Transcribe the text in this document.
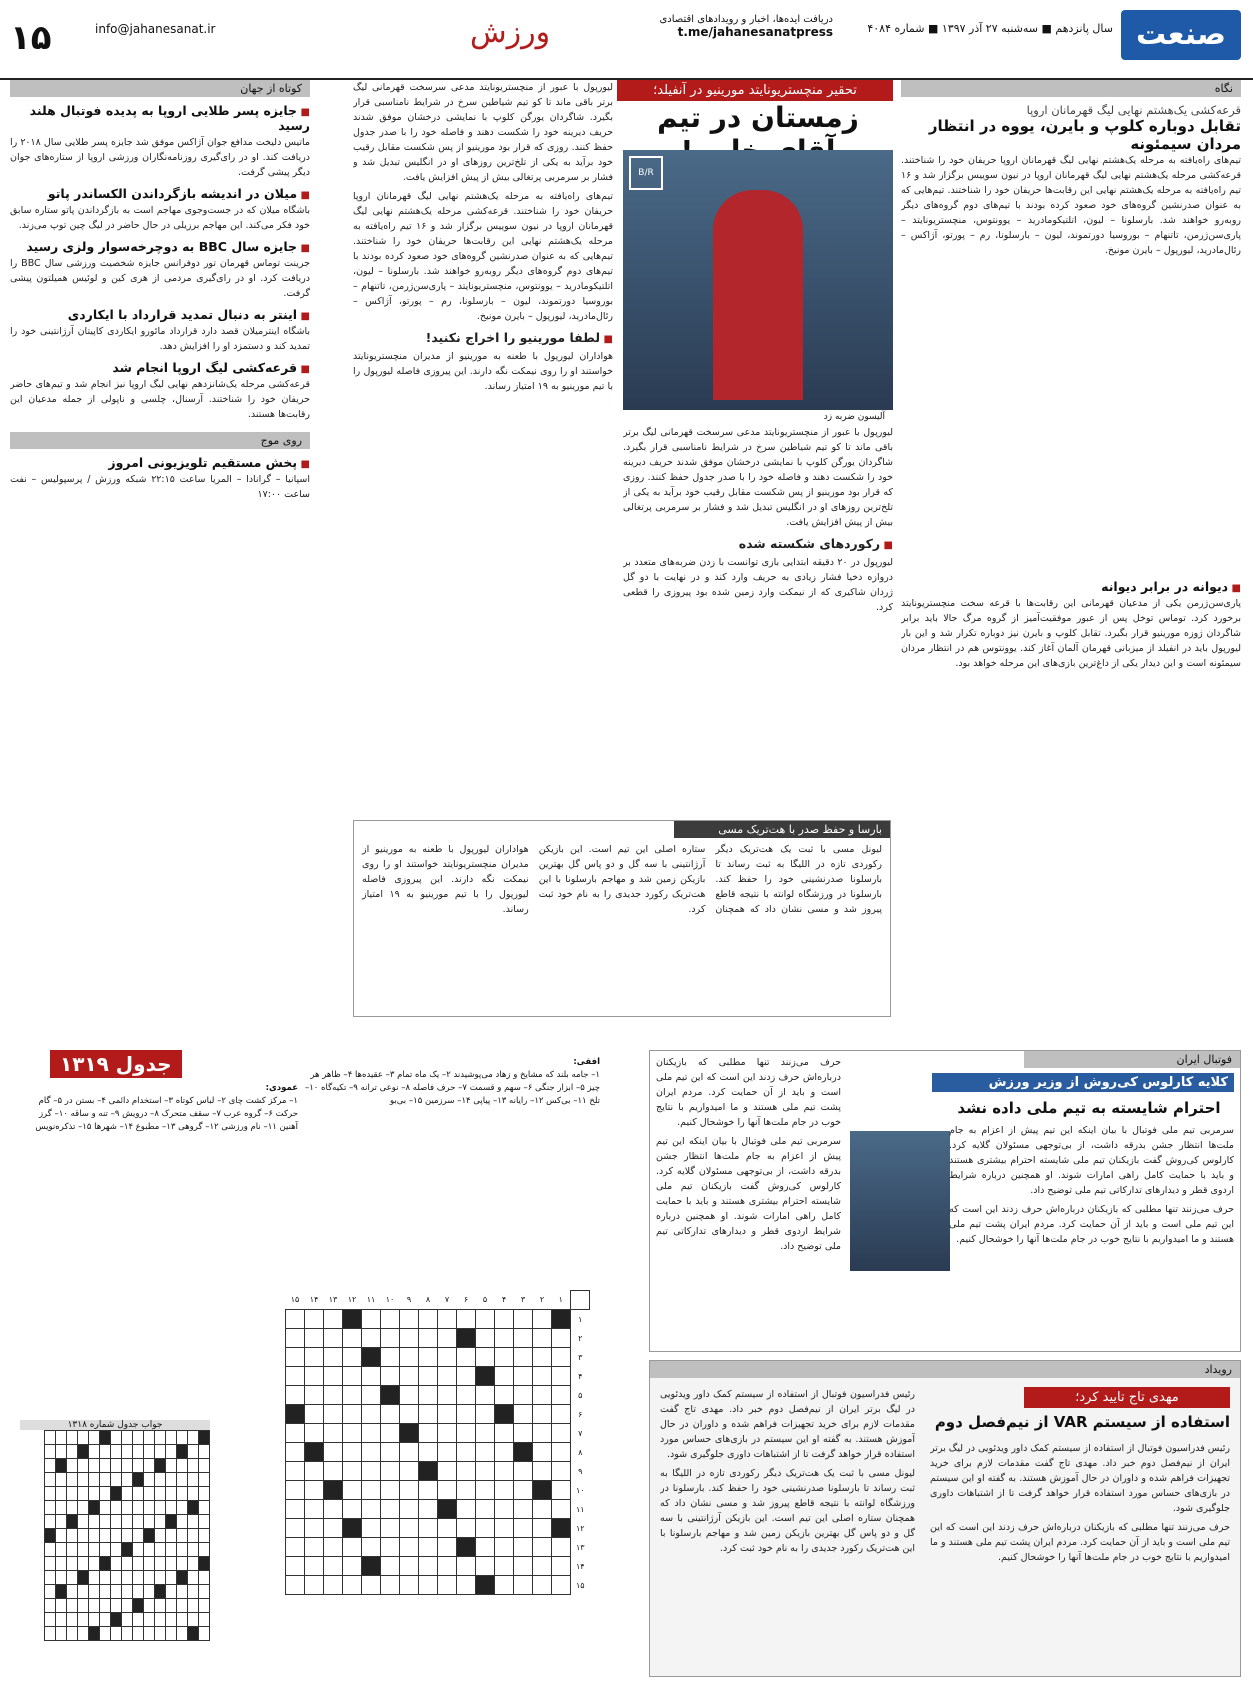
صنعت
سال پانزدهم ■ سه‌شنبه ۲۷ آذر ۱۳۹۷ ■ شماره ۴۰۸۴
دریافت ایده‌ها، اخبار و رویدادهای اقتصادی
t.me/jahanesanatpress
ورزش
info@jahanesanat.ir
۱۵
نگاه
قرعه‌کشی یک‌هشتم نهایی لیگ قهرمانان اروپا
تقابل دوباره کلوپ و بایرن، یووه در انتظار مردان سیمئونه

تیم‌های راه‌یافته به مرحله یک‌هشتم نهایی لیگ قهرمانان اروپا حریفان خود را شناختند. قرعه‌کشی مرحله یک‌هشتم نهایی لیگ قهرمانان اروپا در نیون سوییس برگزار شد و ۱۶ تیم راه‌یافته به مرحله یک‌هشتم نهایی این رقابت‌ها حریفان خود را شناختند. تیم‌هایی که به عنوان صدرنشین گروه‌های خود صعود کرده بودند با تیم‌های دوم گروه‌های دیگر روبه‌رو خواهند شد. بارسلونا – لیون، اتلتیکومادرید – یوونتوس، منچستریونایتد – پاری‌سن‌ژرمن، تاتنهام – بوروسیا دورتموند، لیون – بارسلونا، رم – پورتو، آژاکس – رئال‌مادرید، لیورپول – بایرن مونیخ.

■ دیوانه در برابر دیوانه

پاری‌سن‌ژرمن یکی از مدعیان قهرمانی این رقابت‌ها با قرعه سخت منچستریونایتد برخورد کرد. توماس توخل پس از عبور موفقیت‌آمیز از گروه مرگ حالا باید برابر شاگردان ژوزه مورینیو قرار بگیرد. تقابل کلوپ و بایرن نیز دوباره تکرار شد و این بار لیورپول باید در انفیلد از میزبانی قهرمان آلمان آغاز کند. یوونتوس هم در انتظار مردان سیمئونه است و این دیدار یکی از داغ‌ترین بازی‌های این مرحله خواهد بود.

تحقیر منچستریونایتد مورینیو در آنفیلد؛
زمستان در تیم
B/R
آلیسون ضربه زد

لیورپول با عبور از منچستریونایتد مدعی سرسخت قهرمانی لیگ برتر باقی ماند تا کو تیم شیاطین سرخ در شرایط نامناسبی قرار بگیرد. شاگردان یورگن کلوپ با نمایشی درخشان موفق شدند حریف دیرینه خود را شکست دهند و فاصله خود را با صدر جدول حفظ کنند. روزی که قرار بود مورینیو از پس شکست مقابل رقیب خود برآید به یکی از تلخ‌ترین روزهای او در انگلیس تبدیل شد و فشار بر سرمربی پرتغالی بیش از پیش افزایش یافت.

■ رکوردهای شکسته شده

لیورپول در ۲۰ دقیقه ابتدایی بازی توانست با زدن ضربه‌های متعدد بر دروازه دخیا فشار زیادی به حریف وارد کند و در نهایت با دو گل ژردان شاکیری که از نیمکت وارد زمین شده بود پیروزی را قطعی کرد.

لیورپول با عبور از منچستریونایتد مدعی سرسخت قهرمانی لیگ برتر باقی ماند تا کو تیم شیاطین سرخ در شرایط نامناسبی قرار بگیرد. شاگردان یورگن کلوپ با نمایشی درخشان موفق شدند حریف دیرینه خود را شکست دهند و فاصله خود را با صدر جدول حفظ کنند. روزی که قرار بود مورینیو از پس شکست مقابل رقیب خود برآید به یکی از تلخ‌ترین روزهای او در انگلیس تبدیل شد و فشار بر سرمربی پرتغالی بیش از پیش افزایش یافت.

تیم‌های راه‌یافته به مرحله یک‌هشتم نهایی لیگ قهرمانان اروپا حریفان خود را شناختند. قرعه‌کشی مرحله یک‌هشتم نهایی لیگ قهرمانان اروپا در نیون سوییس برگزار شد و ۱۶ تیم راه‌یافته به مرحله یک‌هشتم نهایی این رقابت‌ها حریفان خود را شناختند. تیم‌هایی که به عنوان صدرنشین گروه‌های خود صعود کرده بودند با تیم‌های دوم گروه‌های دیگر روبه‌رو خواهند شد. بارسلونا – لیون، اتلتیکومادرید – یوونتوس، منچستریونایتد – پاری‌سن‌ژرمن، تاتنهام – بوروسیا دورتموند، لیون – بارسلونا، رم – پورتو، آژاکس – رئال‌مادرید، لیورپول – بایرن مونیخ.

■ لطفا مورینیو را اخراج نکنید!

هواداران لیورپول با طعنه به مورینیو از مدیران منچستریونایتد خواستند او را روی نیمکت نگه دارند. این پیروزی فاصله لیورپول را با تیم مورینیو به ۱۹ امتیاز رساند.

بارسا و حفظ صدر با هت‌تریک مسی

لیونل مسی با ثبت یک هت‌تریک دیگر رکوردی تازه در اللیگا به ثبت رساند تا بارسلونا صدرنشینی خود را حفظ کند. بارسلونا در ورزشگاه لوانته با نتیجه قاطع پیروز شد و مسی نشان داد که همچنان ستاره اصلی این تیم است. این بازیکن آرژانتینی با سه گل و دو پاس گل بهترین بازیکن زمین شد و مهاجم بارسلونا با این هت‌تریک رکورد جدیدی را به نام خود ثبت کرد.

هواداران لیورپول با طعنه به مورینیو از مدیران منچستریونایتد خواستند او را روی نیمکت نگه دارند. این پیروزی فاصله لیورپول را با تیم مورینیو به ۱۹ امتیاز رساند.

کوتاه از جهان
■ جایزه پسر طلایی اروپا به پدیده فوتبال هلند رسید
ماتیس دلیخت مدافع جوان آژاکس موفق شد جایزه پسر طلایی سال ۲۰۱۸ را دریافت کند. او در رای‌گیری روزنامه‌نگاران ورزشی اروپا از ستاره‌های جوان دیگر پیشی گرفت.
■ میلان در اندیشه بازگرداندن الکساندر پاتو
باشگاه میلان که در جست‌وجوی مهاجم است به بازگرداندن پاتو ستاره سابق خود فکر می‌کند. این مهاجم برزیلی در حال حاضر در لیگ چین توپ می‌زند.
■ جایزه سال BBC به دوچرخه‌سوار ولزی رسید
جرینت توماس قهرمان تور دوفرانس جایزه شخصیت ورزشی سال BBC را دریافت کرد. او در رای‌گیری مردمی از هری کین و لوئیس همیلتون پیشی گرفت.
■ اینتر به دنبال تمدید قرارداد با ایکاردی
باشگاه اینترمیلان قصد دارد قرارداد مائورو ایکاردی کاپیتان آرژانتینی خود را تمدید کند و دستمزد او را افزایش دهد.
■ قرعه‌کشی لیگ اروپا انجام شد
قرعه‌کشی مرحله یک‌شانزدهم نهایی لیگ اروپا نیز انجام شد و تیم‌های حاضر حریفان خود را شناختند. آرسنال، چلسی و ناپولی از جمله مدعیان این رقابت‌ها هستند.
روی موج
■ پخش مستقیم تلویزیونی امروز
اسپانیا – گرانادا – المریا ساعت ۲۲:۱۵ شبکه ورزش / پرسپولیس – نفت ساعت ۱۷:۰۰
فوتبال ایران
کلایه کارلوس کی‌روش از وزیر ورزش
احترام شایسته به تیم ملی داده نشد

سرمربی تیم ملی فوتبال با بیان اینکه این تیم پیش از اعزام به جام ملت‌ها انتظار جشن بدرقه داشت، از بی‌توجهی مسئولان گلایه کرد. کارلوس کی‌روش گفت بازیکنان تیم ملی شایسته احترام بیشتری هستند و باید با حمایت کامل راهی امارات شوند. او همچنین درباره شرایط اردوی قطر و دیدارهای تدارکاتی تیم ملی توضیح داد.

حرف می‌زنند تنها مطلبی که بازیکنان درباره‌اش حرف زدند این است که این تیم ملی است و باید از آن حمایت کرد. مردم ایران پشت تیم ملی هستند و ما امیدواریم با نتایج خوب در جام ملت‌ها آنها را خوشحال کنیم.

حرف می‌زنند تنها مطلبی که بازیکنان درباره‌اش حرف زدند این است که این تیم ملی است و باید از آن حمایت کرد. مردم ایران پشت تیم ملی هستند و ما امیدواریم با نتایج خوب در جام ملت‌ها آنها را خوشحال کنیم.

سرمربی تیم ملی فوتبال با بیان اینکه این تیم پیش از اعزام به جام ملت‌ها انتظار جشن بدرقه داشت، از بی‌توجهی مسئولان گلایه کرد. کارلوس کی‌روش گفت بازیکنان تیم ملی شایسته احترام بیشتری هستند و باید با حمایت کامل راهی امارات شوند. او همچنین درباره شرایط اردوی قطر و دیدارهای تدارکاتی تیم ملی توضیح داد.

رویداد
مهدی تاج تایید کرد؛
استفاده از سیستم VAR از نیم‌فصل دوم

رئیس فدراسیون فوتبال از استفاده از سیستم کمک داور ویدئویی در لیگ برتر ایران از نیم‌فصل دوم خبر داد. مهدی تاج گفت مقدمات لازم برای خرید تجهیزات فراهم شده و داوران در حال آموزش هستند. به گفته او این سیستم در بازی‌های حساس مورد استفاده قرار خواهد گرفت تا از اشتباهات داوری جلوگیری شود.

حرف می‌زنند تنها مطلبی که بازیکنان درباره‌اش حرف زدند این است که این تیم ملی است و باید از آن حمایت کرد. مردم ایران پشت تیم ملی هستند و ما امیدواریم با نتایج خوب در جام ملت‌ها آنها را خوشحال کنیم.

رئیس فدراسیون فوتبال از استفاده از سیستم کمک داور ویدئویی در لیگ برتر ایران از نیم‌فصل دوم خبر داد. مهدی تاج گفت مقدمات لازم برای خرید تجهیزات فراهم شده و داوران در حال آموزش هستند. به گفته او این سیستم در بازی‌های حساس مورد استفاده قرار خواهد گرفت تا از اشتباهات داوری جلوگیری شود.

لیونل مسی با ثبت یک هت‌تریک دیگر رکوردی تازه در اللیگا به ثبت رساند تا بارسلونا صدرنشینی خود را حفظ کند. بارسلونا در ورزشگاه لوانته با نتیجه قاطع پیروز شد و مسی نشان داد که همچنان ستاره اصلی این تیم است. این بازیکن آرژانتینی با سه گل و دو پاس گل بهترین بازیکن زمین شد و مهاجم بارسلونا با این هت‌تریک رکورد جدیدی را به نام خود ثبت کرد.

جدول ۱۳۱۹	افقی:
۱– جامه بلند که مشایخ و زهاد می‌پوشیدند ۲– یک ماه تمام ۳– عقیده‌ها ۴– ظاهر هر چیز ۵– ابزار جنگی ۶– سهم و قسمت ۷– حرف فاصله ۸– نوعی ترانه ۹– تکیه‌گاه ۱۰– تلخ ۱۱– بی‌کس ۱۲– رایانه ۱۳– پیاپی ۱۴– سرزمین ۱۵– بی‌بو
عمودی:
۱– مرکز کشت چای ۲– لباس کوتاه ۳– استخدام دائمی ۴– بستن در ۵– گام حرکت ۶– گروه عرب ۷– سقف متحرک ۸– درویش ۹– تنه و ساقه ۱۰– گرز آهنین ۱۱– نام ورزشی ۱۲– گروهی ۱۳– مطبوع ۱۴– شهرها ۱۵– تذکره‌نویس
	۱	۲	۳	۴	۵	۶	۷	۸	۹	۱۰	۱۱	۱۲	۱۳	۱۴	۱۵
۱															
۲															
۳															
۴															
۵															
۶															
۷															
۸															
۹															
۱۰															
۱۱															
۱۲															
۱۳															
۱۴															
۱۵															
جواب جدول شماره ۱۳۱۸
